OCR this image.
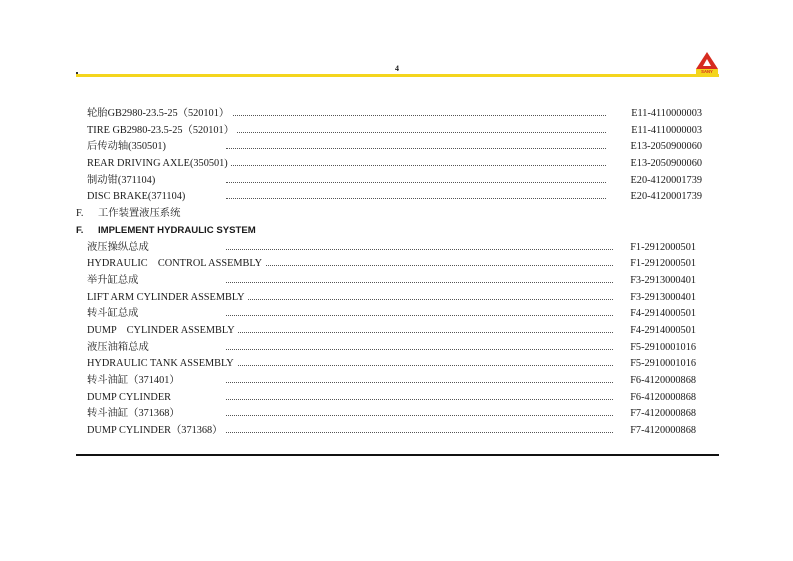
4	SANY
轮胎GB2980-23.5-25（520101）	E11-4110000003
TIRE GB2980-23.5-25（520101）	E11-4110000003
后传动轴(350501)	E13-2050900060
REAR DRIVING AXLE(350501)	E13-2050900060
制动钳(371104)	E20-4120001739
DISC BRAKE(371104)	E20-4120001739
F. 工作装置液压系统
F. IMPLEMENT HYDRAULIC SYSTEM
液压操纵总成	F1-2912000501
HYDRAULIC    CONTROL ASSEMBLY	F1-2912000501
举升缸总成	F3-2913000401
LIFT ARM CYLINDER ASSEMBLY	F3-2913000401
转斗缸总成	F4-2914000501
DUMP    CYLINDER ASSEMBLY	F4-2914000501
液压油箱总成	F5-2910001016
HYDRAULIC TANK ASSEMBLY	F5-2910001016
转斗油缸（371401）	F6-4120000868
DUMP CYLINDER	F6-4120000868
转斗油缸（371368）	F7-4120000868
DUMP CYLINDER（371368）	F7-4120000868
